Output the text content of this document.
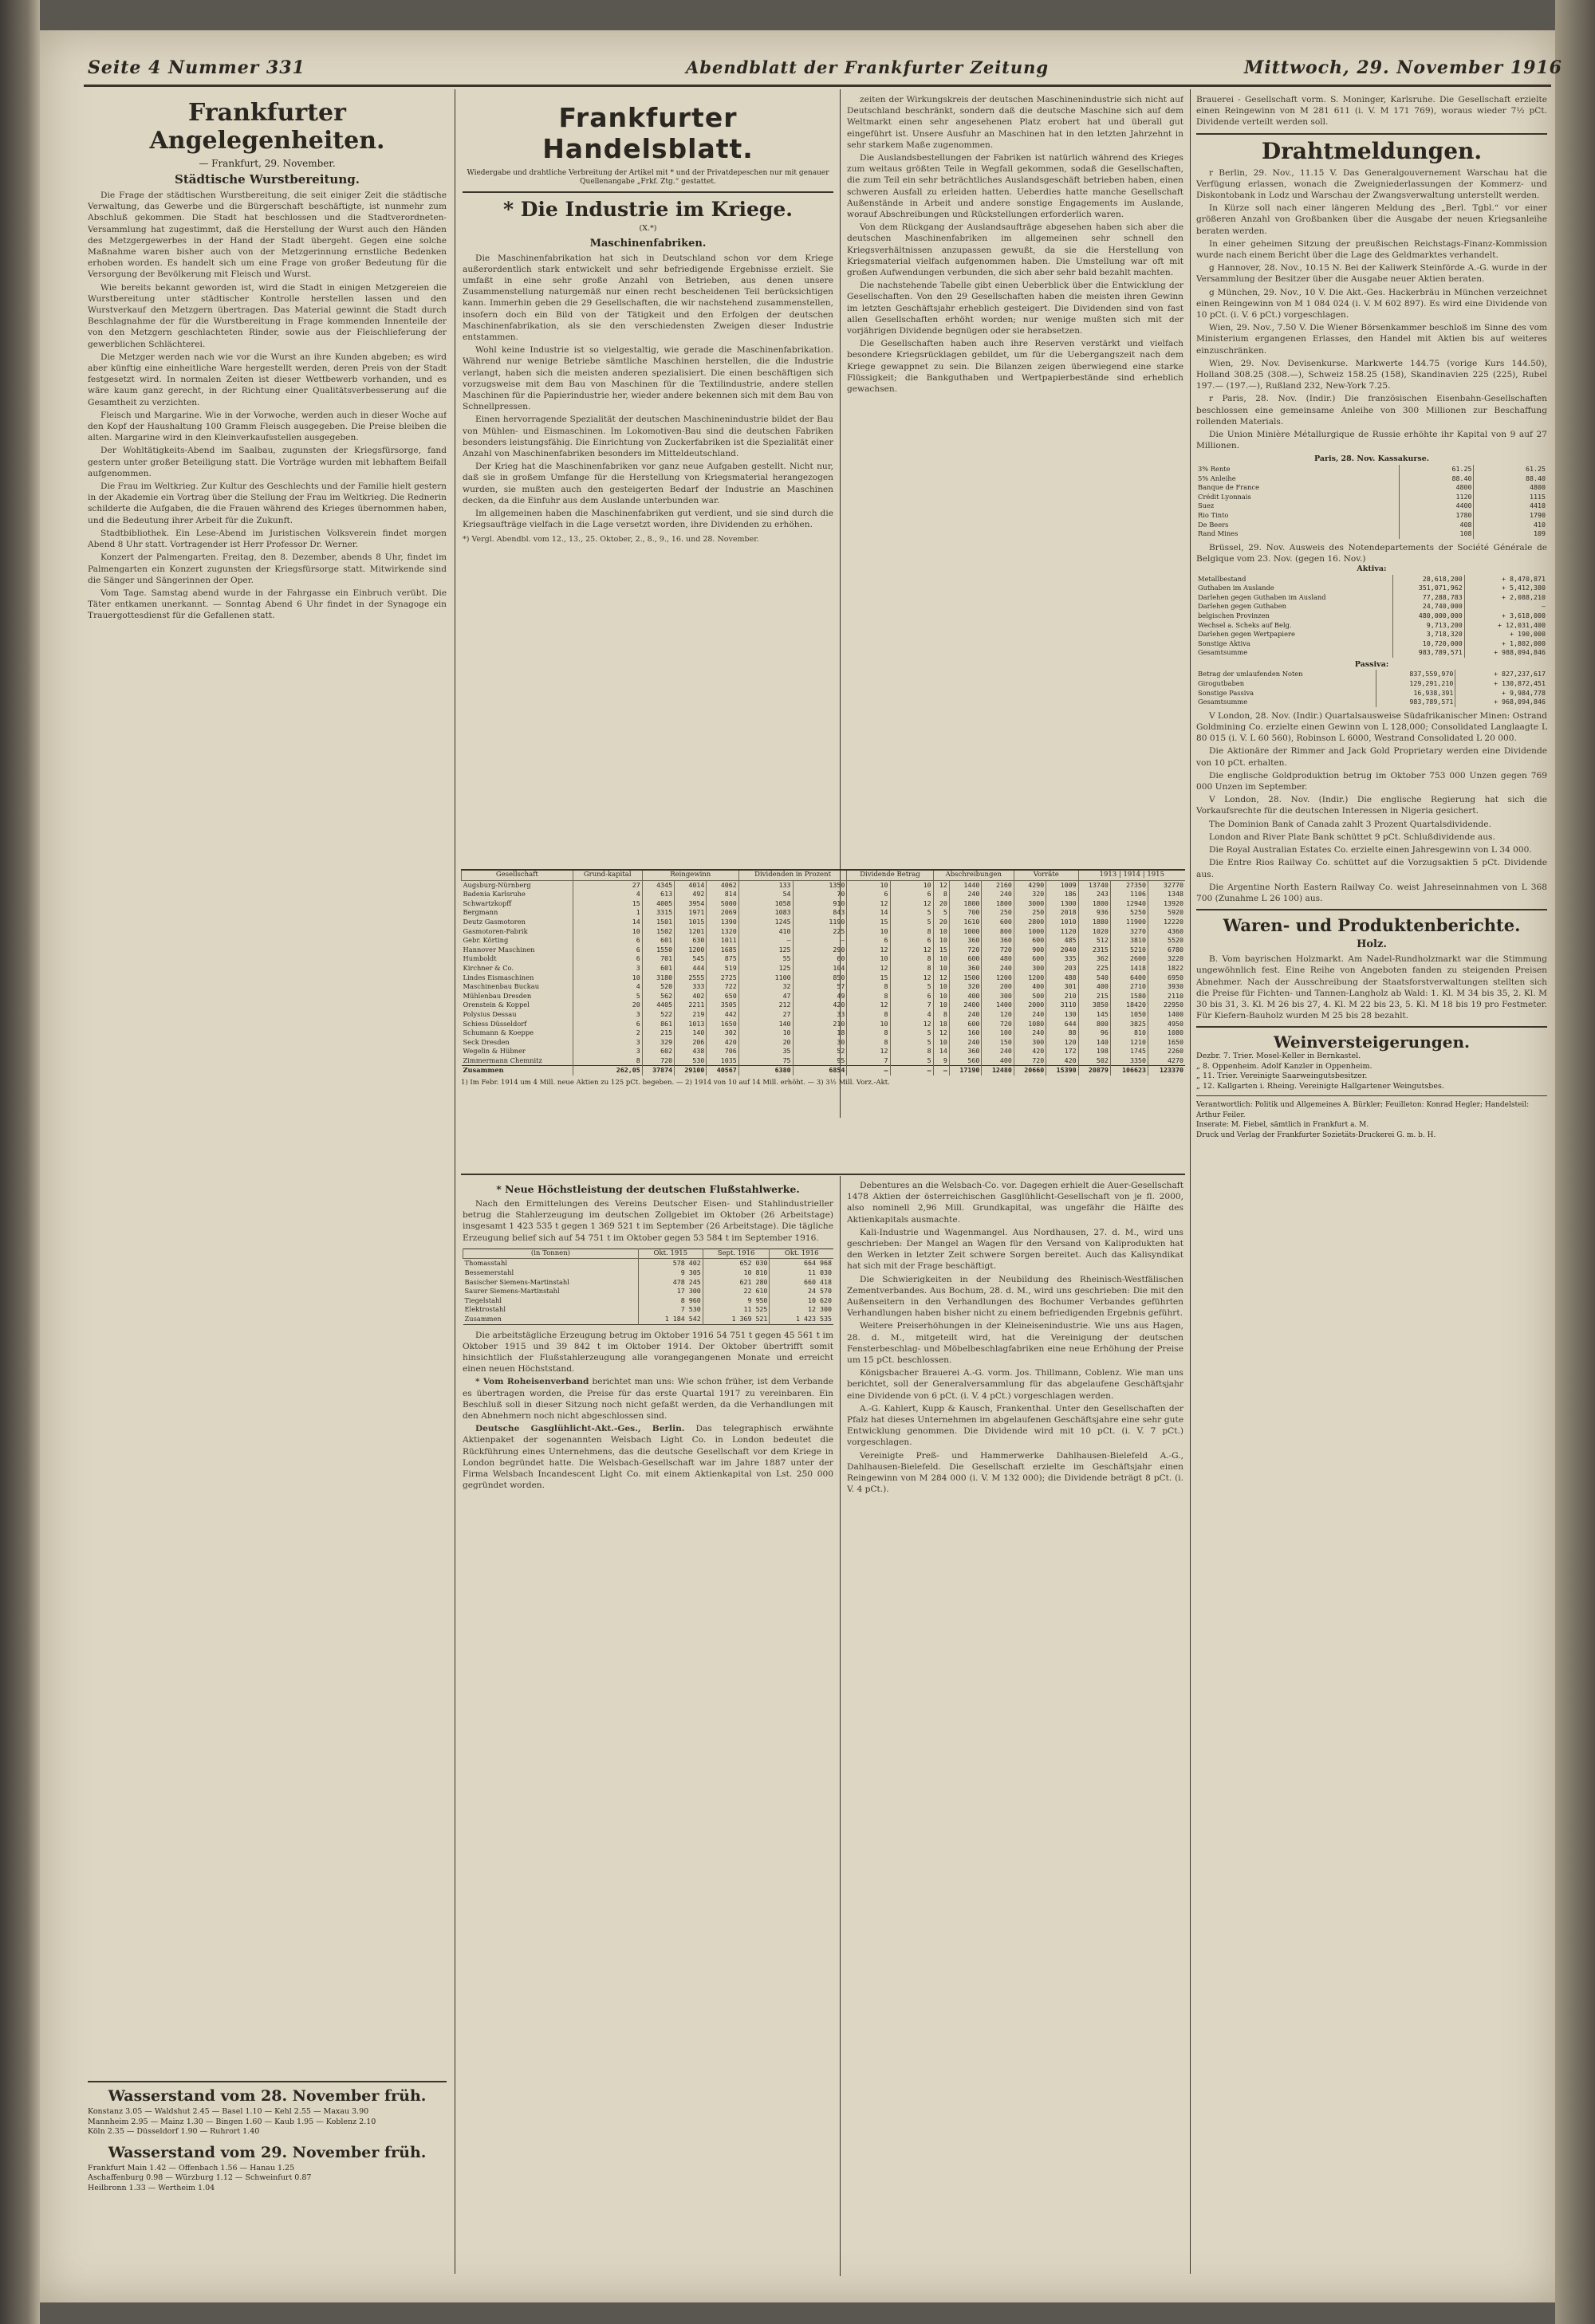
Seite 4 Nummer 331	Abendblatt der Frankfurter Zeitung	Mittwoch, 29. November 1916
Frankfurter Angelegenheiten.
— Frankfurt, 29. November.
Städtische Wurstbereitung.

Die Frage der städtischen Wurstbereitung, die seit einiger Zeit die städtische Verwaltung, das Gewerbe und die Bürgerschaft beschäftigte, ist nunmehr zum Abschluß gekommen. Die Stadt hat beschlossen und die Stadtverordneten-Versammlung hat zugestimmt, daß die Herstellung der Wurst auch den Händen des Metzgergewerbes in der Hand der Stadt übergeht. Gegen eine solche Maßnahme waren bisher auch von der Metzgerinnung ernstliche Bedenken erhoben worden. Es handelt sich um eine Frage von großer Bedeutung für die Versorgung der Bevölkerung mit Fleisch und Wurst.

Wie bereits bekannt geworden ist, wird die Stadt in einigen Metzgereien die Wurstbereitung unter städtischer Kontrolle herstellen lassen und den Wurstverkauf den Metzgern übertragen. Das Material gewinnt die Stadt durch Beschlagnahme der für die Wurstbereitung in Frage kommenden Innenteile der von den Metzgern geschlachteten Rinder, sowie aus der Fleischlieferung der gewerblichen Schlächterei.

Die Metzger werden nach wie vor die Wurst an ihre Kunden abgeben; es wird aber künftig eine einheitliche Ware hergestellt werden, deren Preis von der Stadt festgesetzt wird. In normalen Zeiten ist dieser Wettbewerb vorhanden, und es wäre kaum ganz gerecht, in der Richtung einer Qualitätsverbesserung auf die Gesamtheit zu verzichten.

Fleisch und Margarine. Wie in der Vorwoche, werden auch in dieser Woche auf den Kopf der Haushaltung 100 Gramm Fleisch ausgegeben. Die Preise bleiben die alten. Margarine wird in den Kleinverkaufsstellen ausgegeben.

Der Wohltätigkeits-Abend im Saalbau, zugunsten der Kriegsfürsorge, fand gestern unter großer Beteiligung statt. Die Vorträge wurden mit lebhaftem Beifall aufgenommen.

Die Frau im Weltkrieg. Zur Kultur des Geschlechts und der Familie hielt gestern in der Akademie ein Vortrag über die Stellung der Frau im Weltkrieg. Die Rednerin schilderte die Aufgaben, die die Frauen während des Krieges übernommen haben, und die Bedeutung ihrer Arbeit für die Zukunft.

Stadtbibliothek. Ein Lese-Abend im Juristischen Volksverein findet morgen Abend 8 Uhr statt. Vortragender ist Herr Professor Dr. Werner.

Konzert der Palmengarten. Freitag, den 8. Dezember, abends 8 Uhr, findet im Palmengarten ein Konzert zugunsten der Kriegsfürsorge statt. Mitwirkende sind die Sänger und Sängerinnen der Oper.

Vom Tage. Samstag abend wurde in der Fahrgasse ein Einbruch verübt. Die Täter entkamen unerkannt. — Sonntag Abend 6 Uhr findet in der Synagoge ein Trauergottesdienst für die Gefallenen statt.

Wasserstand vom 28. November früh.
Konstanz 3.05 — Waldshut 2.45 — Basel 1.10 — Kehl 2.55 — Maxau 3.90
Mannheim 2.95 — Mainz 1.30 — Bingen 1.60 — Kaub 1.95 — Koblenz 2.10
Köln 2.35 — Düsseldorf 1.90 — Ruhrort 1.40
Wasserstand vom 29. November früh.
Frankfurt Main 1.42 — Offenbach 1.56 — Hanau 1.25
Aschaffenburg 0.98 — Würzburg 1.12 — Schweinfurt 0.87
Heilbronn 1.33 — Wertheim 1.04
Frankfurter Handelsblatt.
Wiedergabe und drahtliche Verbreitung der Artikel mit * und der Privatdepeschen nur mit genauer Quellenangabe „Frkf. Ztg.“ gestattet.
* Die Industrie im Kriege.
(X.*)
Maschinenfabriken.

Die Maschinenfabrikation hat sich in Deutschland schon vor dem Kriege außerordentlich stark entwickelt und sehr befriedigende Ergebnisse erzielt. Sie umfaßt in eine sehr große Anzahl von Betrieben, aus denen unsere Zusammenstellung naturgemäß nur einen recht bescheidenen Teil berücksichtigen kann. Immerhin geben die 29 Gesellschaften, die wir nachstehend zusammenstellen, insofern doch ein Bild von der Tätigkeit und den Erfolgen der deutschen Maschinenfabrikation, als sie den verschiedensten Zweigen dieser Industrie entstammen.

Wohl keine Industrie ist so vielgestaltig, wie gerade die Maschinenfabrikation. Während nur wenige Betriebe sämtliche Maschinen herstellen, die die Industrie verlangt, haben sich die meisten anderen spezialisiert. Die einen beschäftigen sich vorzugsweise mit dem Bau von Maschinen für die Textilindustrie, andere stellen Maschinen für die Papierindustrie her, wieder andere bekennen sich mit dem Bau von Schnellpressen.

Einen hervorragende Spezialität der deutschen Maschinenindustrie bildet der Bau von Mühlen- und Eismaschinen. Im Lokomotiven-Bau sind die deutschen Fabriken besonders leistungsfähig. Die Einrichtung von Zuckerfabriken ist die Spezialität einer Anzahl von Maschinenfabriken besonders im Mitteldeutschland.

Der Krieg hat die Maschinenfabriken vor ganz neue Aufgaben gestellt. Nicht nur, daß sie in großem Umfange für die Herstellung von Kriegsmaterial herangezogen wurden, sie mußten auch den gesteigerten Bedarf der Industrie an Maschinen decken, da die Einfuhr aus dem Auslande unterbunden war.

Im allgemeinen haben die Maschinenfabriken gut verdient, und sie sind durch die Kriegsaufträge vielfach in die Lage versetzt worden, ihre Dividenden zu erhöhen.

*) Vergl. Abendbl. vom 12., 13., 25. Oktober, 2., 8., 9., 16. und 28. November.

zeiten der Wirkungskreis der deutschen Maschinenindustrie sich nicht auf Deutschland beschränkt, sondern daß die deutsche Maschine sich auf dem Weltmarkt einen sehr angesehenen Platz erobert hat und überall gut eingeführt ist. Unsere Ausfuhr an Maschinen hat in den letzten Jahrzehnt in sehr starkem Maße zugenommen.

Die Auslandsbestellungen der Fabriken ist natürlich während des Krieges zum weitaus größten Teile in Wegfall gekommen, sodaß die Gesellschaften, die zum Teil ein sehr beträchtliches Auslandsgeschäft betrieben haben, einen schweren Ausfall zu erleiden hatten. Ueberdies hatte manche Gesellschaft Außenstände in Arbeit und andere sonstige Engagements im Auslande, worauf Abschreibungen und Rückstellungen erforderlich waren.

Von dem Rückgang der Auslandsaufträge abgesehen haben sich aber die deutschen Maschinenfabriken im allgemeinen sehr schnell den Kriegsverhältnissen anzupassen gewußt, da sie die Herstellung von Kriegsmaterial vielfach aufgenommen haben. Die Umstellung war oft mit großen Aufwendungen verbunden, die sich aber sehr bald bezahlt machten.

Die nachstehende Tabelle gibt einen Ueberblick über die Entwicklung der Gesellschaften. Von den 29 Gesellschaften haben die meisten ihren Gewinn im letzten Geschäftsjahr erheblich gesteigert. Die Dividenden sind von fast allen Gesellschaften erhöht worden; nur wenige mußten sich mit der vorjährigen Dividende begnügen oder sie herabsetzen.

Die Gesellschaften haben auch ihre Reserven verstärkt und vielfach besondere Kriegsrücklagen gebildet, um für die Uebergangszeit nach dem Kriege gewappnet zu sein. Die Bilanzen zeigen überwiegend eine starke Flüssigkeit; die Bankguthaben und Wertpapierbestände sind erheblich gewachsen.

Gesellschaft	Grund-kapital	Reingewinn			Dividenden in Prozent		Dividende Betrag		Abschreibungen			Vorräte		1913 | 1914 | 1915		
Augsburg-Nürnberg	27	4345	4014	4062	133	1350	10	10	12	1440	2160	4290	1009	13740	27350	32770
Badenia Karlsruhe	4	613	492	814	54	70	6	6	8	240	240	320	186	243	1106	1348
Schwartzkopff	15	4005	3954	5000	1058	910	12	12	20	1800	1800	3000	1300	1800	12940	13920
Bergmann	1	3315	1971	2069	1083	843	14	5	5	700	250	250	2018	936	5250	5920
Deutz Gasmotoren	14	1501	1015	1390	1245	1190	15	5	20	1610	600	2800	1010	1880	11900	12220
Gasmotoren-Fabrik	10	1502	1201	1320	410	225	10	8	10	1000	800	1000	1120	1020	3270	4360
Gebr. Körting	6	601	630	1011	—	—	6	6	10	360	360	600	485	512	3810	5520
Hannover Maschinen	6	1550	1200	1685	125	290	12	12	15	720	720	900	2040	2315	5210	6780
Humboldt	6	701	545	875	55	60	10	8	10	600	480	600	335	362	2600	3220
Kirchner & Co.	3	601	444	519	125	104	12	8	10	360	240	300	203	225	1418	1822
Lindes Eismaschinen	10	3180	2555	2725	1100	850	15	12	12	1500	1200	1200	488	540	6400	6950
Maschinenbau Buckau	4	520	333	722	32	57	8	5	10	320	200	400	301	400	2710	3930
Mühlenbau Dresden	5	562	402	650	47	49	8	6	10	400	300	500	210	215	1580	2110
Orenstein & Koppel	20	4405	2211	3505	212	420	12	7	10	2400	1400	2000	3110	3850	18420	22950
Polysius Dessau	3	522	219	442	27	33	8	4	8	240	120	240	130	145	1050	1400
Schiess Düsseldorf	6	861	1013	1650	140	210	10	12	18	600	720	1080	644	800	3825	4950
Schumann & Koeppe	2	215	140	302	10	18	8	5	12	160	100	240	88	96	810	1080
Seck Dresden	3	329	206	420	20	30	8	5	10	240	150	300	120	140	1210	1650
Wegelin & Hübner	3	602	438	706	35	52	12	8	14	360	240	420	172	198	1745	2260
Zimmermann Chemnitz	8	720	530	1035	75	95	7	5	9	560	400	720	420	502	3350	4270
Zusammen	262,05	37874	29100	40567	6380	6854	—	—	—	17190	12480	20660	15390	20879	106623	123370
1) Im Febr. 1914 um 4 Mill. neue Aktien zu 125 pCt. begeben. — 2) 1914 von 10 auf 14 Mill. erhöht. — 3) 3½ Mill. Vorz.-Akt.
* Neue Höchstleistung der deutschen Flußstahlwerke.

Nach den Ermittelungen des Vereins Deutscher Eisen- und Stahlindustrieller betrug die Stahlerzeugung im deutschen Zollgebiet im Oktober (26 Arbeitstage) insgesamt 1 423 535 t gegen 1 369 521 t im September (26 Arbeitstage). Die tägliche Erzeugung belief sich auf 54 751 t im Oktober gegen 53 584 t im September 1916.

(in Tonnen)	Okt. 1915	Sept. 1916	Okt. 1916
Thomasstahl	578 402	652 030	664 968
Bessemerstahl	9 305	10 810	11 030
Basischer Siemens-Martinstahl	478 245	621 280	660 418
Saurer Siemens-Martinstahl	17 300	22 610	24 570
Tiegelstahl	8 960	9 950	10 620
Elektrostahl	7 530	11 525	12 300
Zusammen	1 184 542	1 369 521	1 423 535

Die arbeitstägliche Erzeugung betrug im Oktober 1916 54 751 t gegen 45 561 t im Oktober 1915 und 39 842 t im Oktober 1914. Der Oktober übertrifft somit hinsichtlich der Flußstahlerzeugung alle vorangegangenen Monate und erreicht einen neuen Höchststand.

* Vom Roheisenverband berichtet man uns: Wie schon früher, ist dem Verbande es übertragen worden, die Preise für das erste Quartal 1917 zu vereinbaren. Ein Beschluß soll in dieser Sitzung noch nicht gefaßt werden, da die Verhandlungen mit den Abnehmern noch nicht abgeschlossen sind.

Deutsche Gasglühlicht-Akt.-Ges., Berlin. Das telegraphisch erwähnte Aktienpaket der sogenannten Welsbach Light Co. in London bedeutet die Rückführung eines Unternehmens, das die deutsche Gesellschaft vor dem Kriege in London begründet hatte. Die Welsbach-Gesellschaft war im Jahre 1887 unter der Firma Welsbach Incandescent Light Co. mit einem Aktienkapital von Lst. 250 000 gegründet worden.

Debentures an die Welsbach-Co. vor. Dagegen erhielt die Auer-Gesellschaft 1478 Aktien der österreichischen Gasglühlicht-Gesellschaft von je fl. 2000, also nominell 2,96 Mill. Grundkapital, was ungefähr die Hälfte des Aktienkapitals ausmachte.

Kali-Industrie und Wagenmangel. Aus Nordhausen, 27. d. M., wird uns geschrieben: Der Mangel an Wagen für den Versand von Kaliprodukten hat den Werken in letzter Zeit schwere Sorgen bereitet. Auch das Kalisyndikat hat sich mit der Frage beschäftigt.

Die Schwierigkeiten in der Neubildung des Rheinisch-Westfälischen Zementverbandes. Aus Bochum, 28. d. M., wird uns geschrieben: Die mit den Außenseitern in den Verhandlungen des Bochumer Verbandes geführten Verhandlungen haben bisher nicht zu einem befriedigenden Ergebnis geführt.

Weitere Preiserhöhungen in der Kleineisenindustrie. Wie uns aus Hagen, 28. d. M., mitgeteilt wird, hat die Vereinigung der deutschen Fensterbeschlag- und Möbelbeschlagfabriken eine neue Erhöhung der Preise um 15 pCt. beschlossen.

Königsbacher Brauerei A.-G. vorm. Jos. Thillmann, Coblenz. Wie man uns berichtet, soll der Generalversammlung für das abgelaufene Geschäftsjahr eine Dividende von 6 pCt. (i. V. 4 pCt.) vorgeschlagen werden.

A.-G. Kahlert, Kupp & Kausch, Frankenthal. Unter den Gesellschaften der Pfalz hat dieses Unternehmen im abgelaufenen Geschäftsjahre eine sehr gute Entwicklung genommen. Die Dividende wird mit 10 pCt. (i. V. 7 pCt.) vorgeschlagen.

Vereinigte Preß- und Hammerwerke Dahlhausen-Bielefeld A.-G., Dahlhausen-Bielefeld. Die Gesellschaft erzielte im Geschäftsjahr einen Reingewinn von M 284 000 (i. V. M 132 000); die Dividende beträgt 8 pCt. (i. V. 4 pCt.).

Brauerei - Gesellschaft vorm. S. Moninger, Karlsruhe. Die Gesellschaft erzielte einen Reingewinn von M 281 611 (i. V. M 171 769), woraus wieder 7½ pCt. Dividende verteilt werden soll.
Drahtmeldungen.

r Berlin, 29. Nov., 11.15 V. Das Generalgouvernement Warschau hat die Verfügung erlassen, wonach die Zweigniederlassungen der Kommerz- und Diskontobank in Lodz und Warschau der Zwangsverwaltung unterstellt werden.

In Kürze soll nach einer längeren Meldung des „Berl. Tgbl.“ vor einer größeren Anzahl von Großbanken über die Ausgabe der neuen Kriegsanleihe beraten werden.

In einer geheimen Sitzung der preußischen Reichstags-Finanz-Kommission wurde nach einem Bericht über die Lage des Geldmarktes verhandelt.

g Hannover, 28. Nov., 10.15 N. Bei der Kaliwerk Steinförde A.-G. wurde in der Versammlung der Besitzer über die Ausgabe neuer Aktien beraten.

g München, 29. Nov., 10 V. Die Akt.-Ges. Hackerbräu in München verzeichnet einen Reingewinn von M 1 084 024 (i. V. M 602 897). Es wird eine Dividende von 10 pCt. (i. V. 6 pCt.) vorgeschlagen.

Wien, 29. Nov., 7.50 V. Die Wiener Börsenkammer beschloß im Sinne des vom Ministerium ergangenen Erlasses, den Handel mit Aktien bis auf weiteres einzuschränken.

Wien, 29. Nov. Devisenkurse. Markwerte 144.75 (vorige Kurs 144.50), Holland 308.25 (308.—), Schweiz 158.25 (158), Skandinavien 225 (225), Rubel 197.— (197.—), Rußland 232, New-York 7.25.

r Paris, 28. Nov. (Indir.) Die französischen Eisenbahn-Gesellschaften beschlossen eine gemeinsame Anleihe von 300 Millionen zur Beschaffung rollenden Materials.

Die Union Minière Métallurgique de Russie erhöhte ihr Kapital von 9 auf 27 Millionen.

Paris, 28. Nov. Kassakurse.
3% Rente	61.25	61.25
5% Anleihe	88.40	88.40
Banque de France	4800	4800
Crédit Lyonnais	1120	1115
Suez	4400	4410
Rio Tinto	1780	1790
De Beers	408	410
Rand Mines	108	109
Brüssel, 29. Nov. Ausweis des Notendepartements der Société Générale de Belgique vom 23. Nov. (gegen 16. Nov.)
Aktiva:
Metallbestand	28,618,200	+ 8,470,871
Guthaben im Auslande	351,071,962	+ 5,412,380
Darlehen gegen Guthaben im Ausland	77,288,783	+ 2,088,210
Darlehen gegen Guthaben	24,740,000	—
belgischen Provinzen	480,000,000	+ 3,618,000
Wechsel a. Scheks auf Belg.	9,713,200	+ 12,031,400
Darlehen gegen Wertpapiere	3,718,320	+ 190,000
Sonstige Aktiva	10,720,000	+ 1,802,000
Gesamtsumme	983,789,571	+ 988,094,846
Passiva:
Betrag der umlaufenden Noten	837,559,970	+ 827,237,617
Girogutbaben	129,291,210	+ 130,872,451
Sonstige Passiva	16,938,391	+ 9,984,778
Gesamtsumme	983,789,571	+ 968,094,846

V London, 28. Nov. (Indir.) Quartalsausweise Südafrikanischer Minen: Ostrand Goldmining Co. erzielte einen Gewinn von L 128,000; Consolidated Langlaagte L 80 015 (i. V. L 60 560), Robinson L 6000, Westrand Consolidated L 20 000.

Die Aktionäre der Rimmer and Jack Gold Proprietary werden eine Dividende von 10 pCt. erhalten.

Die englische Goldproduktion betrug im Oktober 753 000 Unzen gegen 769 000 Unzen im September.

V London, 28. Nov. (Indir.) Die englische Regierung hat sich die Vorkaufsrechte für die deutschen Interessen in Nigeria gesichert.

The Dominion Bank of Canada zahlt 3 Prozent Quartalsdividende.

London and River Plate Bank schüttet 9 pCt. Schlußdividende aus.

Die Royal Australian Estates Co. erzielte einen Jahresgewinn von L 34 000.

Die Entre Rios Railway Co. schüttet auf die Vorzugsaktien 5 pCt. Dividende aus.

Die Argentine North Eastern Railway Co. weist Jahreseinnahmen von L 368 700 (Zunahme L 26 100) aus.

Waren- und Produktenberichte.
Holz.
B. Vom bayrischen Holzmarkt. Am Nadel-Rundholzmarkt war die Stimmung ungewöhnlich fest. Eine Reihe von Angeboten fanden zu steigenden Preisen Abnehmer. Nach der Ausschreibung der Staatsforstverwaltungen stellten sich die Preise für Fichten- und Tannen-Langholz ab Wald: 1. Kl. M 34 bis 35, 2. Kl. M 30 bis 31, 3. Kl. M 26 bis 27, 4. Kl. M 22 bis 23, 5. Kl. M 18 bis 19 pro Festmeter. Für Kiefern-Bauholz wurden M 25 bis 28 bezahlt.
Weinversteigerungen.
Dezbr. 7. Trier. Mosel-Keller in Bernkastel.
„ 8. Oppenheim. Adolf Kanzler in Oppenheim.
„ 11. Trier. Vereinigte Saarweingutsbesitzer.
„ 12. Kallgarten i. Rheing. Vereinigte Hallgartener Weingutsbes.
Verantwortlich: Politik und Allgemeines A. Bürkler; Feuilleton: Konrad Hegler; Handelsteil: Arthur Feiler.
Inserate: M. Fiebel, sämtlich in Frankfurt a. M.
Druck und Verlag der Frankfurter Sozietäts-Druckerei G. m. b. H.
